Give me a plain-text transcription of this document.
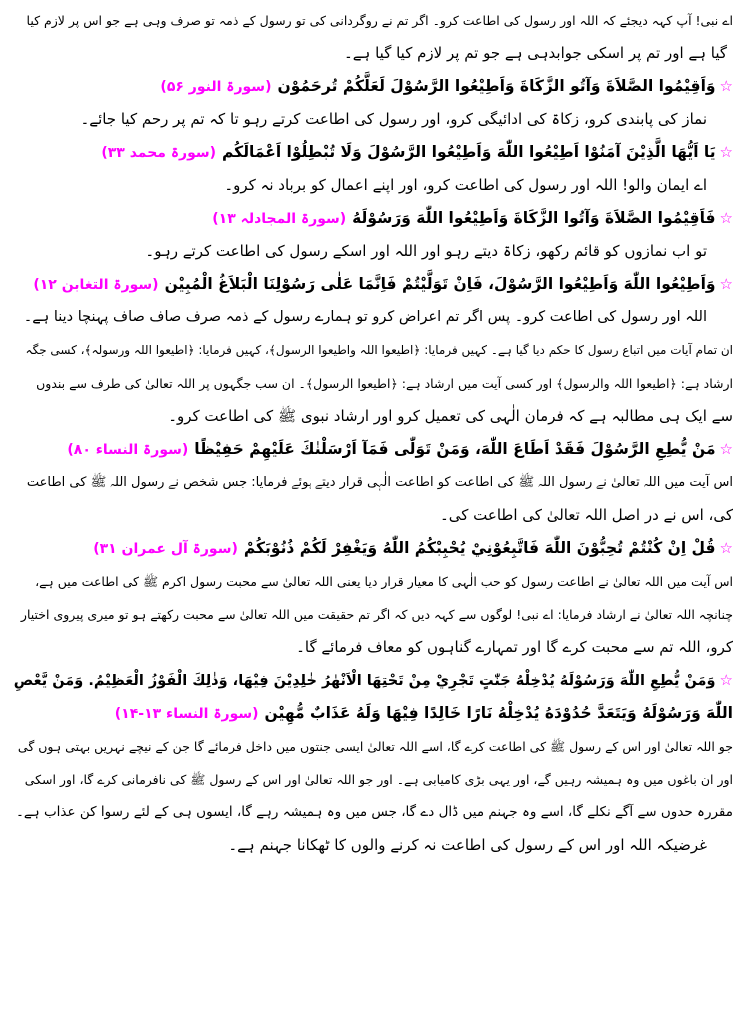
اے نبی! آپ کہہ دیجئے کہ اللہ اور رسول کی اطاعت کرو۔ اگر تم نے روگردانی کی تو رسول کے ذمہ تو صرف وہی ہے جو اس پر لازم کیا
گیا ہے اور تم پر اسکی جوابدہی ہے جو تم پر لازم کیا گیا ہے۔
☆وَاَقِيْمُوا الصَّلاَةَ وَآتُو الزَّكَاةَ وَاَطِيْعُوا الرَّسُوْلَ لَعَلَّكُمْ تُرحَمُوْن(سورۃ النور ۵۶)
نماز کی پابندی کرو، زکاۃ کی ادائیگی کرو، اور رسول کی اطاعت کرتے رہو تا کہ تم پر رحم کیا جائے۔
☆يَا اَيُّهَا الَّذِيْنَ آمَنُوْا اَطِيْعُوا اللّٰهَ وَاَطِيْعُوا الرَّسُوْلَ وَلَا تُبْطِلُوْا اَعْمَالَكُم(سورۃ محمد ۳۳)
اے ایمان والو! اللہ اور رسول کی اطاعت کرو، اور اپنے اعمال کو برباد نہ کرو۔
☆فَاَقِيْمُوا الصَّلاَةَ وَآتُوا الزَّكَاةَ وَاَطِيْعُوا اللّٰهَ وَرَسُوْلَهُ(سورۃ المجادلہ ۱۳)
تو اب نمازوں کو قائم رکھو، زکاۃ دیتے رہو اور اللہ اور اسکے رسول کی اطاعت کرتے رہو۔
☆وَاَطِيْعُوا اللّٰهَ وَاَطِيْعُوا الرَّسُوْلَ، فَاِنْ تَوَلَّيْتُمْ فَاِنَّمَا عَلٰى رَسُوْلِنَا الْبَلاَغُ الْمُبِيْن(سورۃ التغابن ۱۲)
اللہ اور رسول کی اطاعت کرو۔ پس اگر تم اعراض کرو تو ہمارے رسول کے ذمہ صرف صاف صاف پہنچا دینا ہے۔
ان تمام آیات میں اتباع رسول کا حکم دیا گیا ہے۔ کہیں فرمایا: ﴿اطیعوا اللہ واطیعوا الرسول﴾، کہیں فرمایا: ﴿اطیعوا اللہ ورسولہ﴾، کسی جگہ
ارشاد ہے: ﴿اطیعوا اللہ والرسول﴾ اور کسی آیت میں ارشاد ہے: ﴿اطیعوا الرسول﴾۔ ان سب جگہوں پر اللہ تعالیٰ کی طرف سے بندوں
سے ایک ہی مطالبہ ہے کہ فرمان الٰہی کی تعمیل کرو اور ارشاد نبوی ﷺ کی اطاعت کرو۔
☆مَنْ يُّطِعِ الرَّسُوْلَ فَقَدْ اَطَاعَ اللّٰهَ، وَمَنْ تَوَلّٰى فَمَآ اَرْسَلْنٰكَ عَلَيْهِمْ حَفِيْظًا(سورۃ النساء ۸۰)
اس آیت میں اللہ تعالیٰ نے رسول اللہ ﷺ کی اطاعت کو اطاعت الٰہی قرار دیتے ہوئے فرمایا: جس شخص نے رسول اللہ ﷺ کی اطاعت
کی، اس نے در اصل اللہ تعالیٰ کی اطاعت کی۔
☆قُلْ اِنْ كُنْتُمْ تُحِبُّوْنَ اللّٰهَ فَاتَّبِعُوْنِيْ يُحْبِبْكُمُ اللّٰهُ وَيَغْفِرْ لَكُمْ ذُنُوْبَكُمْ(سورۃ آل عمران ۳۱)
اس آیت میں اللہ تعالیٰ نے اطاعت رسول کو حب الٰہی کا معیار قرار دیا یعنی اللہ تعالیٰ سے محبت رسول اکرم ﷺ کی اطاعت میں ہے،
چنانچہ اللہ تعالیٰ نے ارشاد فرمایا: اے نبی! لوگوں سے کہہ دیں کہ اگر تم حقیقت میں اللہ تعالیٰ سے محبت رکھتے ہو تو میری پیروی اختیار
کرو، اللہ تم سے محبت کرے گا اور تمہارے گناہوں کو معاف فرمائے گا۔
☆وَمَنْ يُّطِعِ اللّٰهَ وَرَسُوْلَهُ يُدْخِلْهُ جَنّٰتٍ تَجْرِيْ مِنْ تَحْتِهَا الْاَنْهٰرُ خٰلِدِيْنَ فِيْهَا، وَذٰلِكَ الْفَوْزُ الْعَظِيْمُ. وَمَنْ يَّعْصِ
اللّٰهَ وَرَسُوْلَهُ وَيَتَعَدَّ حُدُوْدَهُ يُدْخِلْهُ نَارًا خَالِدًا فِيْهَا وَلَهُ عَذَابٌ مُّهِيْن(سورۃ النساء ۱۳-۱۴)
جو اللہ تعالیٰ اور اس کے رسول ﷺ کی اطاعت کرے گا، اسے اللہ تعالیٰ ایسی جنتوں میں داخل فرمائے گا جن کے نیچے نہریں بہتی ہوں گی
اور ان باغوں میں وہ ہمیشہ رہیں گے، اور یہی بڑی کامیابی ہے۔ اور جو اللہ تعالیٰ اور اس کے رسول ﷺ کی نافرمانی کرے گا، اور اسکی
مقررہ حدوں سے آگے نکلے گا، اسے وہ جہنم میں ڈال دے گا، جس میں وہ ہمیشہ رہے گا، ایسوں ہی کے لئے رسوا کن عذاب ہے۔
غرضیکہ اللہ اور اس کے رسول کی اطاعت نہ کرنے والوں کا ٹھکانا جہنم ہے۔
